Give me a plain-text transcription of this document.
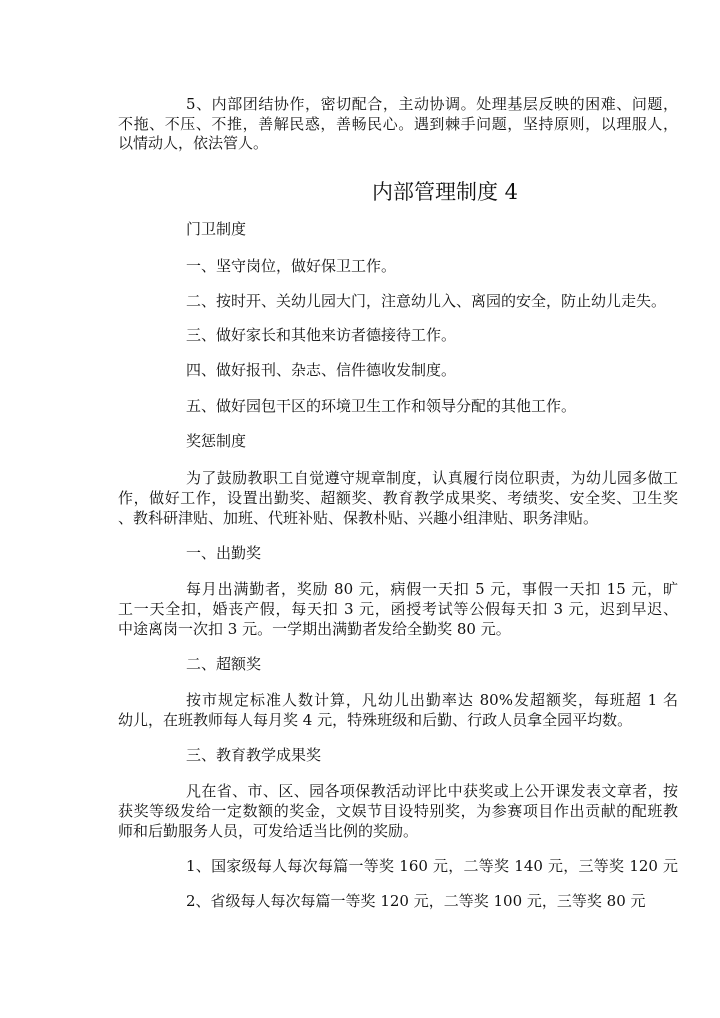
5、内部团结协作，密切配合，主动协调。处理基层反映的困难、问题，
不拖、不压、不推，善解民惑，善畅民心。遇到棘手问题，坚持原则，以理服人，
以情动人，依法管人。
内部管理制度 4
门卫制度
一、坚守岗位，做好保卫工作。
二、按时开、关幼儿园大门，注意幼儿入、离园的安全，防止幼儿走失。
三、做好家长和其他来访者德接待工作。
四、做好报刊、杂志、信件德收发制度。
五、做好园包干区的环境卫生工作和领导分配的其他工作。
奖惩制度
为了鼓励教职工自觉遵守规章制度，认真履行岗位职责，为幼儿园多做工
作，做好工作，设置出勤奖、超额奖、教育教学成果奖、考绩奖、安全奖、卫生奖
、教科研津贴、加班、代班补贴、保教朴贴、兴趣小组津贴、职务津贴。
一、出勤奖
每月出满勤者，奖励 80 元，病假一天扣 5 元，事假一天扣 15 元，旷
工一天全扣，婚丧产假，每天扣 3 元，函授考试等公假每天扣 3 元，迟到早迟、
中途离岗一次扣 3 元。一学期出满勤者发给全勤奖 80 元。
二、超额奖
按市规定标准人数计算，凡幼儿出勤率达 80%发超额奖，每班超 1 名
幼儿，在班教师每人每月奖 4 元，特殊班级和后勤、行政人员拿全园平均数。
三、教育教学成果奖
凡在省、市、区、园各项保教活动评比中获奖或上公开课发表文章者，按
获奖等级发给一定数额的奖金，文娱节目设特别奖，为参赛项目作出贡献的配班教
师和后勤服务人员，可发给适当比例的奖励。
1、国家级每人每次每篇一等奖 160 元，二等奖 140 元，三等奖 120 元
2、省级每人每次每篇一等奖 120 元，二等奖 100 元，三等奖 80 元
